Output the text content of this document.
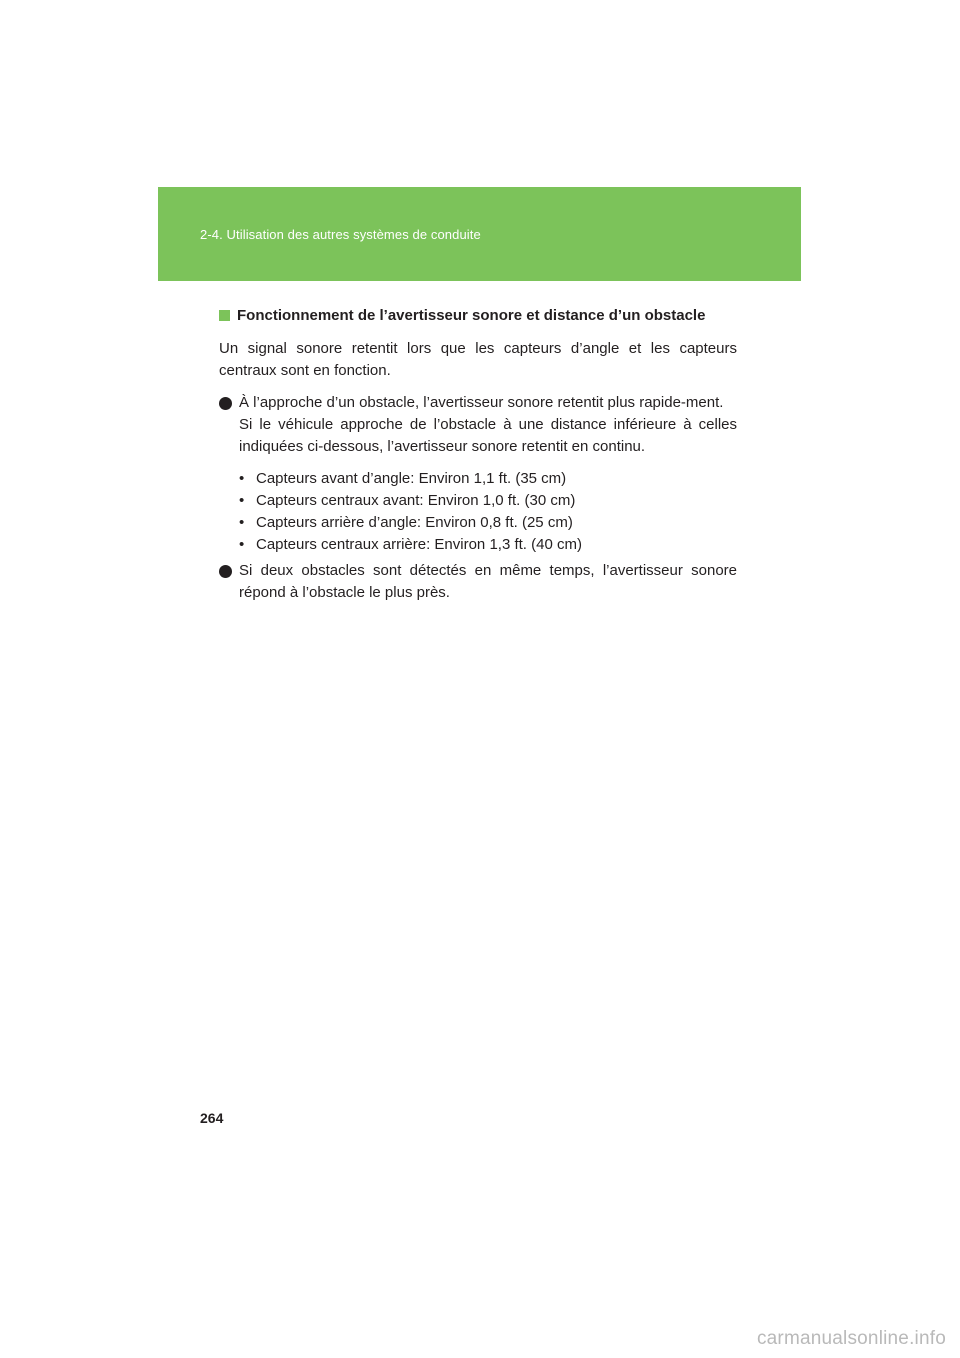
2-4. Utilisation des autres systèmes de conduite
Fonctionnement de l’avertisseur sonore et distance d’un obstacle

Un signal sonore retentit lors que les capteurs d’angle et les capteurs centraux sont en fonction.

À l’approche d’un obstacle, l’avertisseur sonore retentit plus rapide-ment.

Si le véhicule approche de l’obstacle à une distance inférieure à celles indiquées ci-dessous, l’avertisseur sonore retentit en continu.

• Capteurs avant d’angle: Environ 1,1 ft. (35 cm)
• Capteurs centraux avant: Environ 1,0 ft. (30 cm)
• Capteurs arrière d’angle: Environ 0,8 ft. (25 cm)
• Capteurs centraux arrière: Environ 1,3 ft. (40 cm)

Si deux obstacles sont détectés en même temps, l’avertisseur sonore répond à l’obstacle le plus près.

264
carmanualsonline.info
